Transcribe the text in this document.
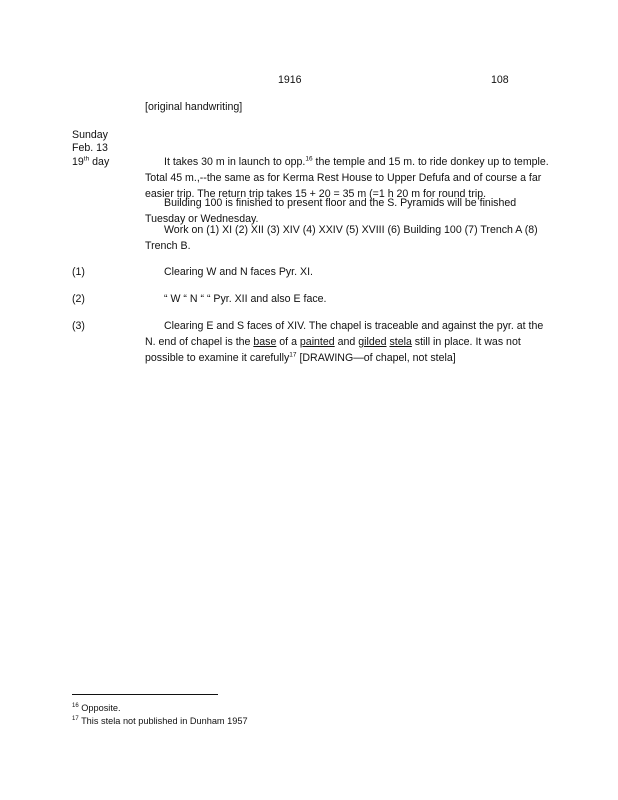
1916	108
[original handwriting]
Sunday
Feb. 13
19th day	It takes 30 m in launch to opp.$^{16}$ the temple and 15 m. to ride donkey up to temple. Total 45 m.,--the same as for Kerma Rest House to Upper Defufa and of course a far easier trip. The return trip takes 15 + 20 = 35 m (=1 h 20 m for round trip.
Building 100 is finished to present floor and the S. Pyramids will be finished Tuesday or Wednesday.
Work on (1) XI (2) XII (3) XIV (4) XXIV (5) XVIII (6) Building 100 (7) Trench A (8) Trench B.
(1)	Clearing W and N faces Pyr. XI.
(2)	“ W “ N “ “ Pyr. XII and also E face.
(3)	Clearing E and S faces of XIV. The chapel is traceable and against the pyr. at the N. end of chapel is the base of a painted and gilded stela still in place. It was not possible to examine it carefully$^{17}$ [DRAWING—of chapel, not stela]
$^{16}$ Opposite.
$^{17}$ This stela not published in Dunham 1957
